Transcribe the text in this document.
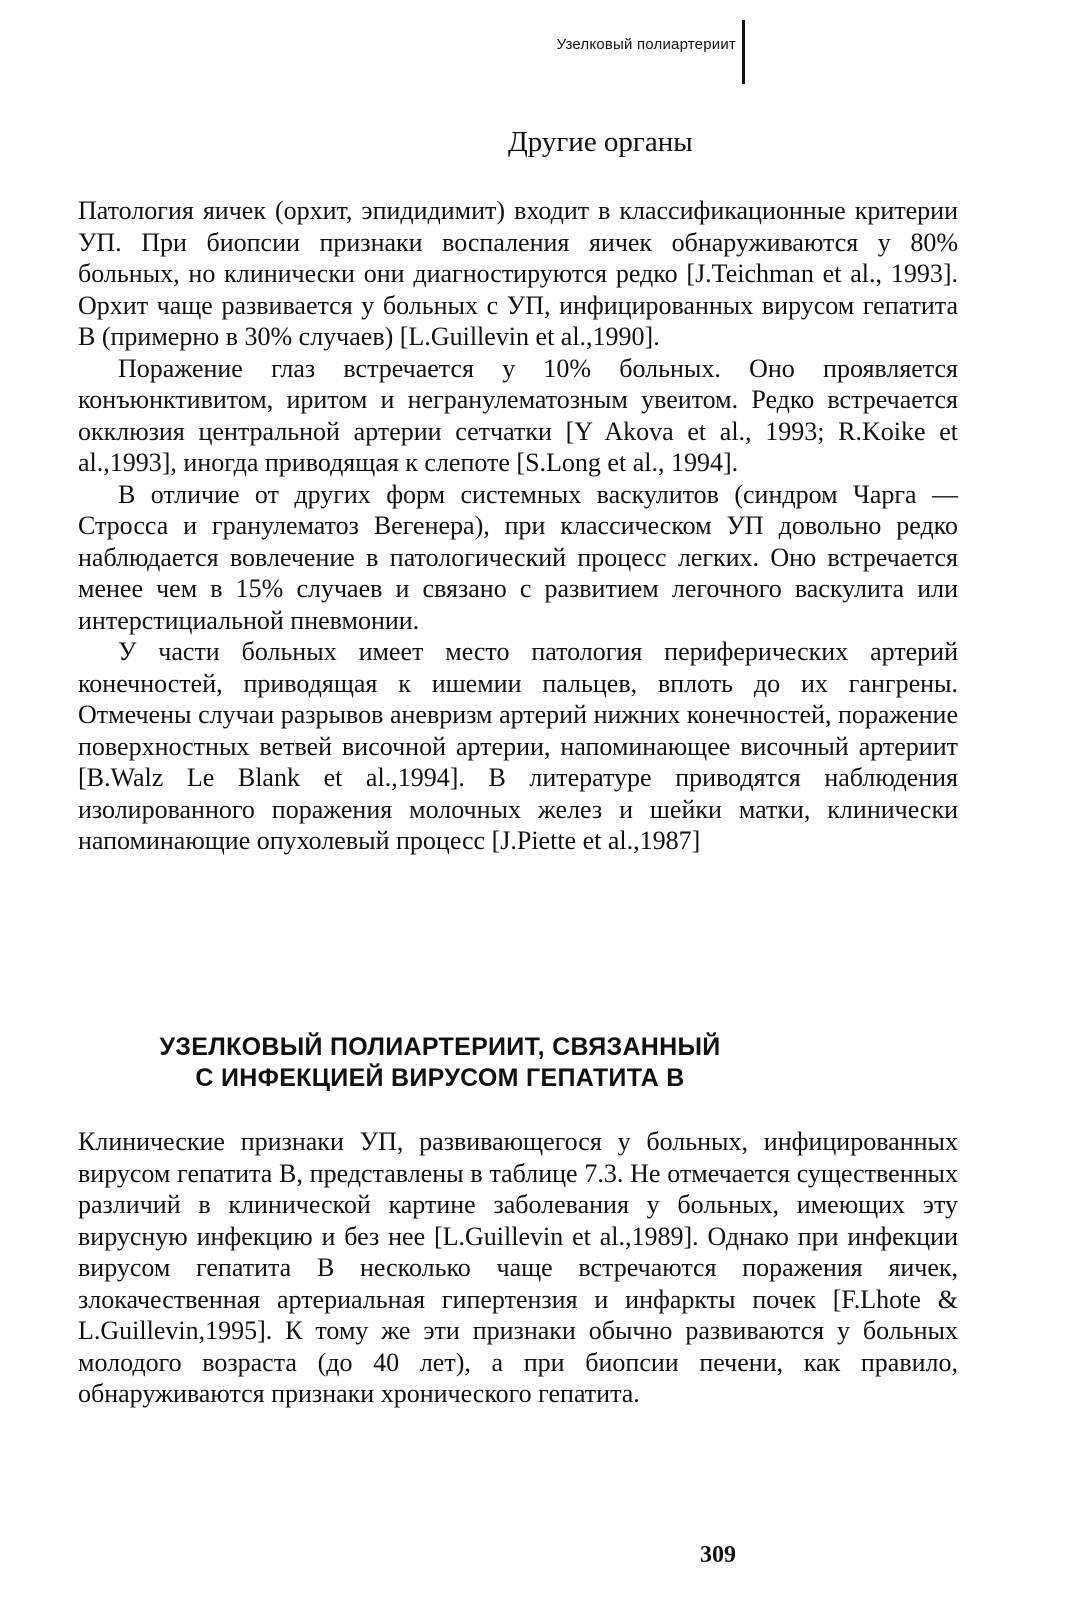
Узелковый полиартериит
Другие органы

Патология яичек (орхит, эпидидимит) входит в классификационные критерии УП. При биопсии признаки воспаления яичек обнаруживаются у 80% больных, но клинически они диагностируются редко [J.Teichman et al., 1993]. Орхит чаще развивается у больных с УП, инфицированных вирусом гепатита В (примерно в 30% случаев) [L.Guillevin et al.,1990].

Поражение глаз встречается у 10% больных. Оно проявляется конъюнктивитом, иритом и негранулематозным увеитом. Редко встречается окклюзия центральной артерии сетчатки [Y Akova et al., 1993; R.Koike et al.,1993], иногда приводящая к слепоте [S.Long et al., 1994].

В отличие от других форм системных васкулитов (синдром Чарга — Стросса и гранулематоз Вегенера), при классическом УП довольно редко наблюдается вовлечение в патологический процесс легких. Оно встречается менее чем в 15% случаев и связано с развитием легочного васкулита или интерстициальной пневмонии.

У части больных имеет место патология периферических артерий конечностей, приводящая к ишемии пальцев, вплоть до их гангрены. Отмечены случаи разрывов аневризм артерий нижних конечностей, поражение поверхностных ветвей височной артерии, напоминающее височный артериит [B.Walz Le Blank et al.,1994]. В литературе приводятся наблюдения изолированного поражения молочных желез и шейки матки, клинически напоминающие опухолевый процесс [J.Piette et al.,1987]

УЗЕЛКОВЫЙ ПОЛИАРТЕРИИТ, СВЯЗАННЫЙ
С ИНФЕКЦИЕЙ ВИРУСОМ ГЕПАТИТА В

Клинические признаки УП, развивающегося у больных, инфицированных вирусом гепатита В, представлены в таблице 7.3. Не отмечается существенных различий в клинической картине заболевания у больных, имеющих эту вирусную инфекцию и без нее [L.Guillevin et al.,1989]. Однако при инфекции вирусом гепатита В несколько чаще встречаются поражения яичек, злокачественная артериальная гипертензия и инфаркты почек [F.Lhote & L.Guillevin,1995]. К тому же эти признаки обычно развиваются у больных молодого возраста (до 40 лет), а при биопсии печени, как правило, обнаруживаются признаки хронического гепатита.

309
